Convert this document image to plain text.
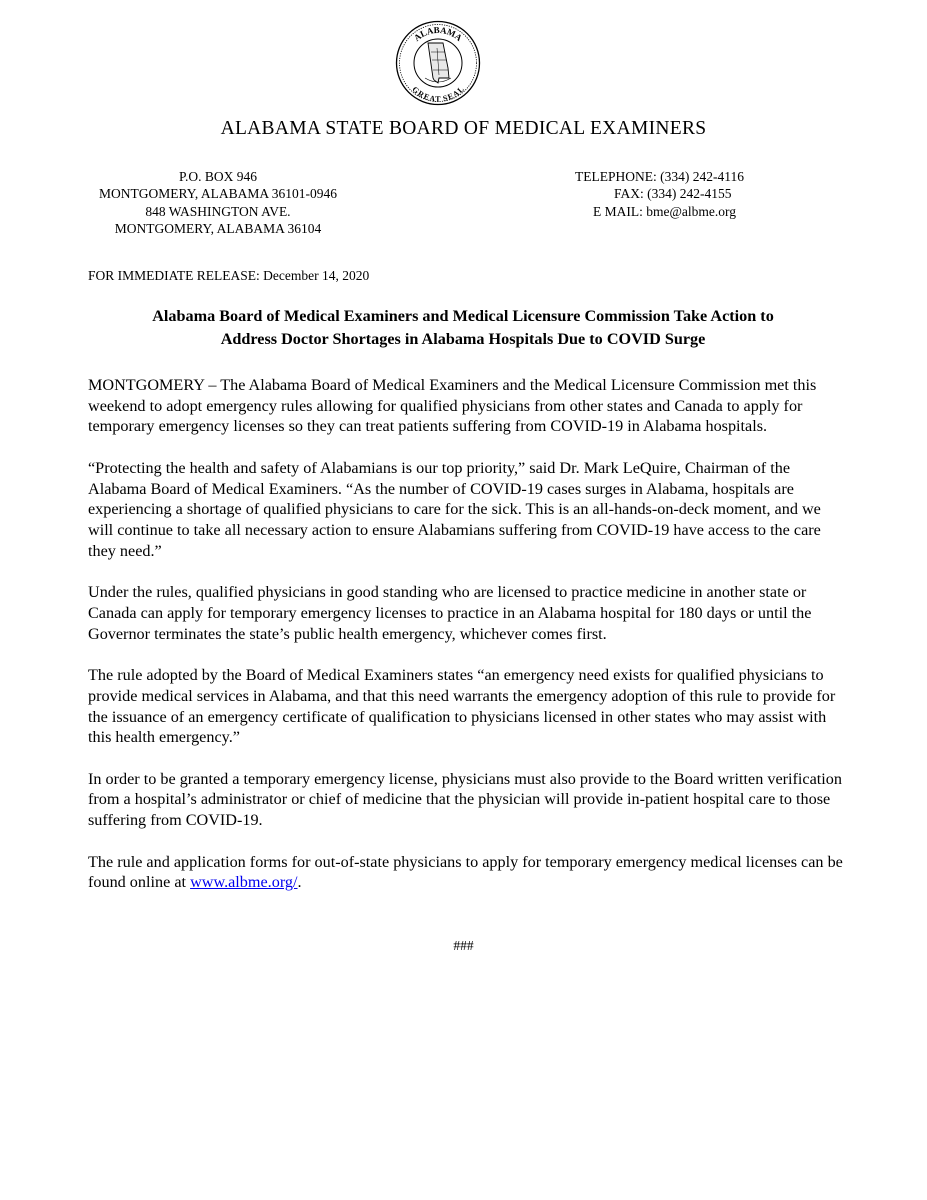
ALABAMA
GREAT SEAL
ALABAMA STATE BOARD OF MEDICAL EXAMINERS
P.O. BOX 946
MONTGOMERY, ALABAMA 36101-0946
848 WASHINGTON AVE.
MONTGOMERY, ALABAMA 36104
TELEPHONE: (334) 242-4116
FAX: (334) 242-4155
E MAIL: bme@albme.org
FOR IMMEDIATE RELEASE: December 14, 2020
Alabama Board of Medical Examiners and Medical Licensure Commission Take Action to
Address Doctor Shortages in Alabama Hospitals Due to COVID Surge

MONTGOMERY – The Alabama Board of Medical Examiners and the Medical Licensure Commission met this weekend to adopt emergency rules allowing for qualified physicians from other states and Canada to apply for temporary emergency licenses so they can treat patients suffering from COVID-19 in Alabama hospitals.

“Protecting the health and safety of Alabamians is our top priority,” said Dr. Mark LeQuire, Chairman of the Alabama Board of Medical Examiners. “As the number of COVID-19 cases surges in Alabama, hospitals are experiencing a shortage of qualified physicians to care for the sick. This is an all-hands-on-deck moment, and we will continue to take all necessary action to ensure Alabamians suffering from COVID-19 have access to the care they need.”

Under the rules, qualified physicians in good standing who are licensed to practice medicine in another state or Canada can apply for temporary emergency licenses to practice in an Alabama hospital for 180 days or until the Governor terminates the state’s public health emergency, whichever comes first.

The rule adopted by the Board of Medical Examiners states “an emergency need exists for qualified physicians to provide medical services in Alabama, and that this need warrants the emergency adoption of this rule to provide for the issuance of an emergency certificate of qualification to physicians licensed in other states who may assist with this health emergency.”

In order to be granted a temporary emergency license, physicians must also provide to the Board written verification from a hospital’s administrator or chief of medicine that the physician will provide in-patient hospital care to those suffering from COVID-19.

The rule and application forms for out-of-state physicians to apply for temporary emergency medical licenses can be found online at www.albme.org/.

###
